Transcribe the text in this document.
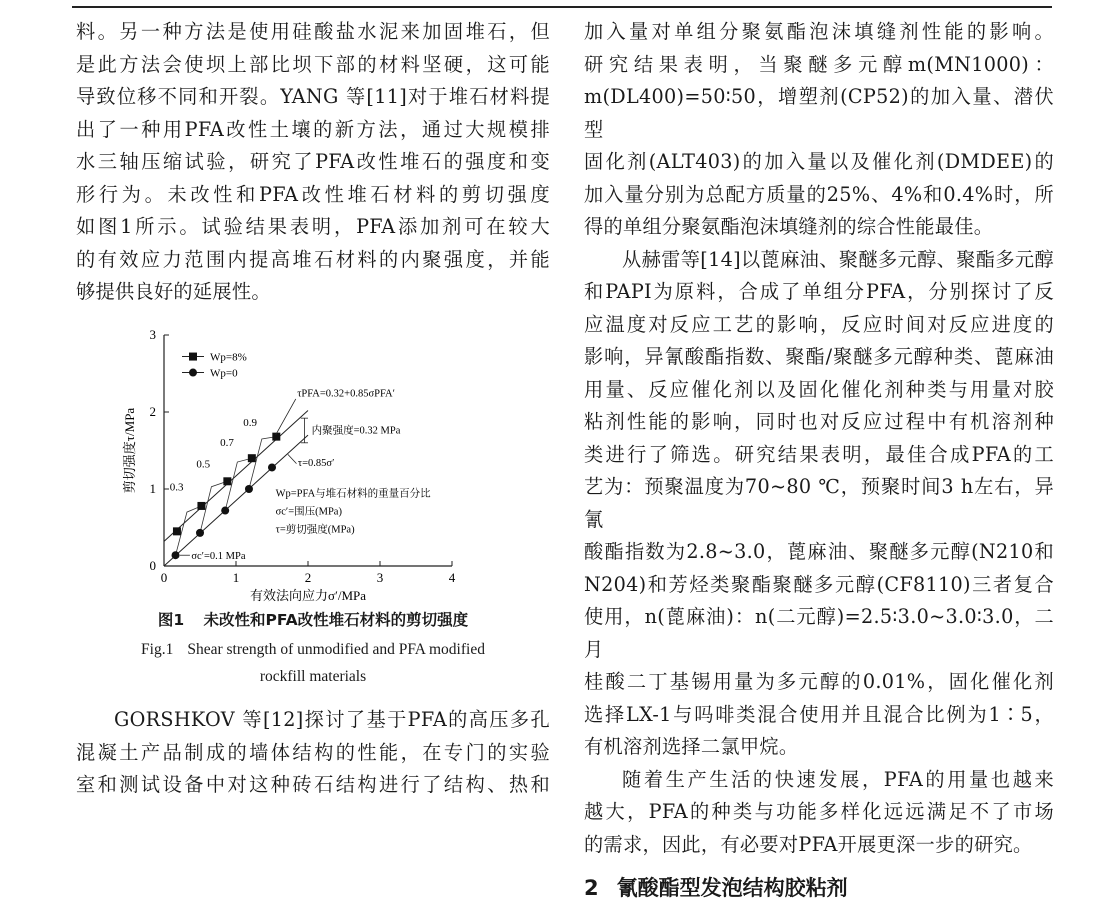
料。另一种方法是使用硅酸盐水泥来加固堆石，但

是此方法会使坝上部比坝下部的材料坚硬，这可能

导致位移不同和开裂。YANG 等[11]对于堆石材料提

出了一种用PFA改性土壤的新方法，通过大规模排

水三轴压缩试验，研究了PFA改性堆石的强度和变

形行为。未改性和PFA改性堆石材料的剪切强度

如图1所示。试验结果表明，PFA添加剂可在较大

的有效应力范围内提高堆石材料的内聚强度，并能

够提供良好的延展性。

0	1	2	3	4
0
1
2
3
有效法向应力σ′/MPa
剪切强度τ/MPa	0.3
0.5
0.7
0.9
Wp=8%
Wp=0
τPFA=0.32+0.85σPFA′
τ=0.85σ′
内聚强度=0.32 MPa
Wp=PFA与堆石材料的重量百分比
σc′=围压(MPa)
τ=剪切强度(MPa)
σc′=0.1 MPa
图1 未改性和PFA改性堆石材料的剪切强度
Fig.1 Shear strength of unmodified and PFA modified
rockfill materials

GORSHKOV 等[12]探讨了基于PFA的高压多孔

混凝土产品制成的墙体结构的性能，在专门的实验

室和测试设备中对这种砖石结构进行了结构、热和

加入量对单组分聚氨酯泡沫填缝剂性能的影响。

研究结果表明，当聚醚多元醇m(MN1000)：

m(DL400)=50∶50，增塑剂(CP52)的加入量、潜伏型

固化剂(ALT403)的加入量以及催化剂(DMDEE)的

加入量分别为总配方质量的25%、4%和0.4%时，所

得的单组分聚氨酯泡沫填缝剂的综合性能最佳。

从赫雷等[14]以蓖麻油、聚醚多元醇、聚酯多元醇

和PAPI为原料，合成了单组分PFA，分别探讨了反

应温度对反应工艺的影响，反应时间对反应进度的

影响，异氰酸酯指数、聚酯/聚醚多元醇种类、蓖麻油

用量、反应催化剂以及固化催化剂种类与用量对胶

粘剂性能的影响，同时也对反应过程中有机溶剂种

类进行了筛选。研究结果表明，最佳合成PFA的工

艺为：预聚温度为70~80 ℃，预聚时间3 h左右，异氰

酸酯指数为2.8~3.0，蓖麻油、聚醚多元醇(N210和

N204)和芳烃类聚酯聚醚多元醇(CF8110)三者复合

使用，n(蓖麻油)：n(二元醇)=2.5∶3.0~3.0∶3.0，二月

桂酸二丁基锡用量为多元醇的0.01%，固化催化剂

选择LX-1与吗啡类混合使用并且混合比例为1∶5，

有机溶剂选择二氯甲烷。

随着生产生活的快速发展，PFA的用量也越来

越大，PFA的种类与功能多样化远远满足不了市场

的需求，因此，有必要对PFA开展更深一步的研究。

2 氰酸酯型发泡结构胶粘剂
